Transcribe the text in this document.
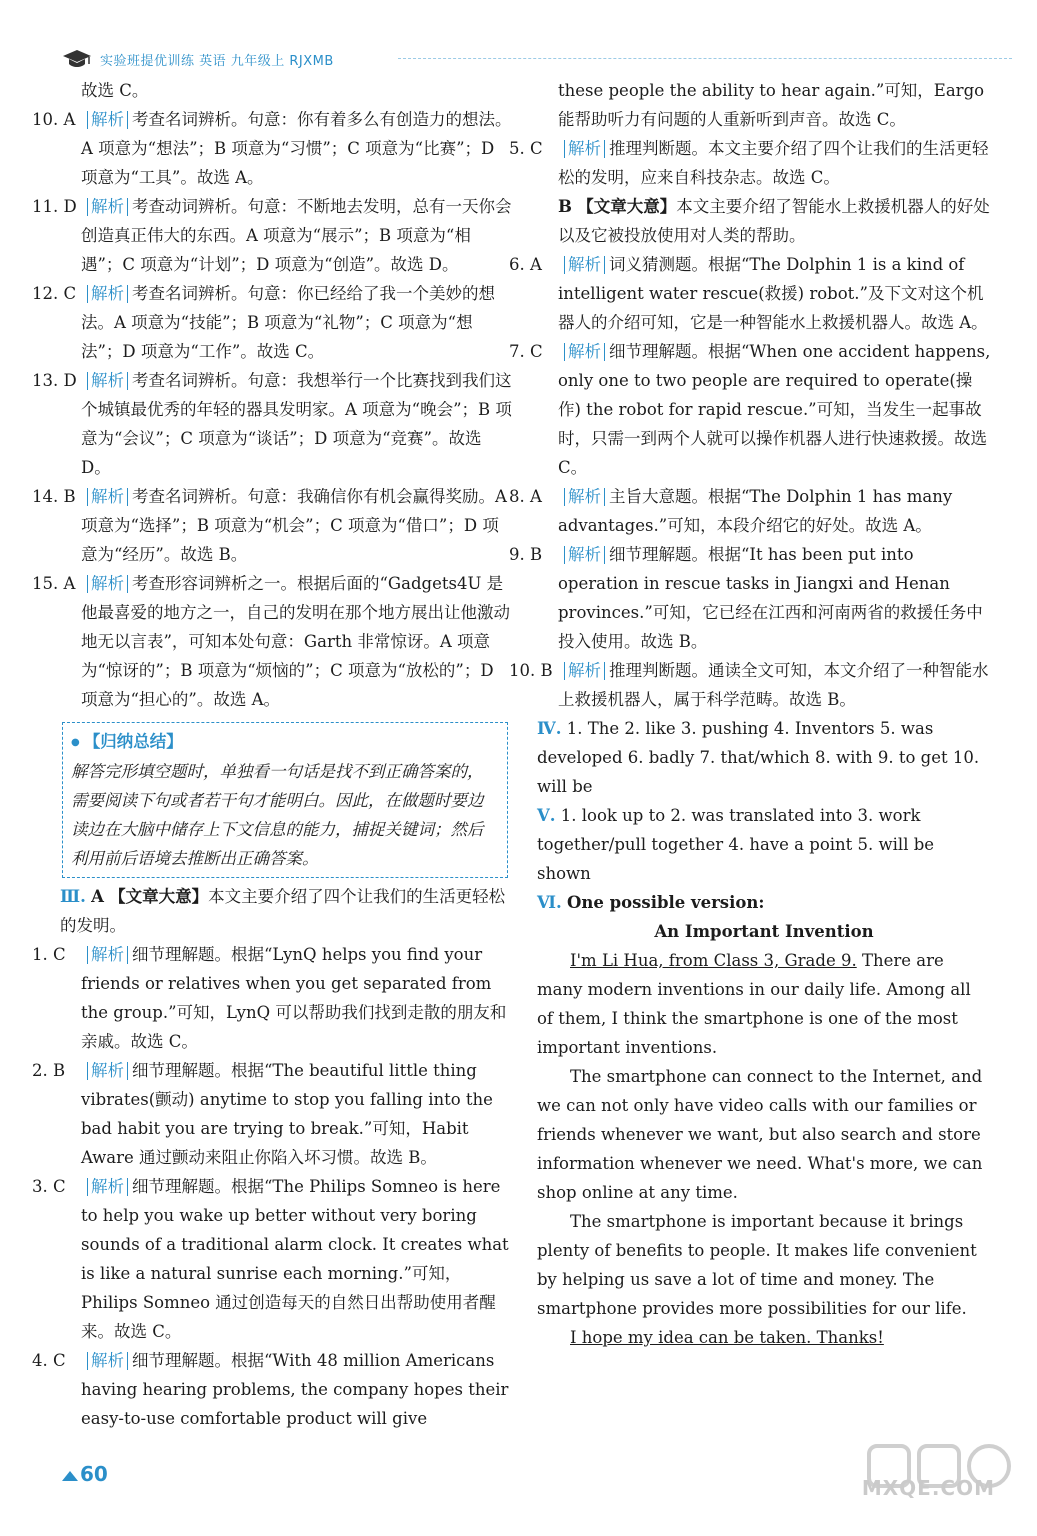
实验班提优训练 英语 九年级上 RJXMB
故选 C。
10. A 解析 考查名词辨析。句意：你有着多么有创造力的想法。A 项意为“想法”；B 项意为“习惯”；C 项意为“比赛”；D 项意为“工具”。故选 A。
11. D 解析 考查动词辨析。句意：不断地去发明，总有一天你会创造真正伟大的东西。A 项意为“展示”；B 项意为“相遇”；C 项意为“计划”；D 项意为“创造”。故选 D。
12. C 解析 考查名词辨析。句意：你已经给了我一个美妙的想法。A 项意为“技能”；B 项意为“礼物”；C 项意为“想法”；D 项意为“工作”。故选 C。
13. D 解析 考查名词辨析。句意：我想举行一个比赛找到我们这个城镇最优秀的年轻的器具发明家。A 项意为“晚会”；B 项意为“会议”；C 项意为“谈话”；D 项意为“竞赛”。故选 D。
14. B 解析 考查名词辨析。句意：我确信你有机会赢得奖励。A 项意为“选择”；B 项意为“机会”；C 项意为“借口”；D 项意为“经历”。故选 B。
15. A 解析 考查形容词辨析之一。根据后面的“Gadgets4U 是他最喜爱的地方之一，自己的发明在那个地方展出让他激动地无以言表”，可知本处句意：Garth 非常惊讶。A 项意为“惊讶的”；B 项意为“烦恼的”；C 项意为“放松的”；D 项意为“担心的”。故选 A。
● 【归纳总结】
解答完形填空题时，单独看一句话是找不到正确答案的，需要阅读下句或者若干句才能明白。因此，在做题时要边读边在大脑中储存上下文信息的能力，捕捉关键词；然后利用前后语境去推断出正确答案。
Ⅲ. A 【文章大意】本文主要介绍了四个让我们的生活更轻松的发明。
1. C	解析 细节理解题。根据“LynQ helps you find your friends or relatives when you get separated from the group.”可知，LynQ 可以帮助我们找到走散的朋友和亲戚。故选 C。
2. B	解析 细节理解题。根据“The beautiful little thing vibrates(颤动) anytime to stop you falling into the bad habit you are trying to break.”可知，Habit Aware 通过颤动来阻止你陷入坏习惯。故选 B。
3. C	解析 细节理解题。根据“The Philips Somneo is here to help you wake up better without very boring sounds of a traditional alarm clock. It creates what is like a natural sunrise each morning.”可知，Philips Somneo 通过创造每天的自然日出帮助使用者醒来。故选 C。
4. C	解析 细节理解题。根据“With 48 million Americans having hearing problems, the company hopes their easy-to-use comfortable product will give
these people the ability to hear again.”可知，Eargo 能帮助听力有问题的人重新听到声音。故选 C。
5. C	解析 推理判断题。本文主要介绍了四个让我们的生活更轻松的发明，应来自科技杂志。故选 C。
B 【文章大意】本文主要介绍了智能水上救援机器人的好处以及它被投放使用对人类的帮助。
6. A	解析 词义猜测题。根据“The Dolphin 1 is a kind of intelligent water rescue(救援) robot.”及下文对这个机器人的介绍可知，它是一种智能水上救援机器人。故选 A。
7. C	解析 细节理解题。根据“When one accident happens, only one to two people are required to operate(操作) the robot for rapid rescue.”可知，当发生一起事故时，只需一到两个人就可以操作机器人进行快速救援。故选 C。
8. A	解析 主旨大意题。根据“The Dolphin 1 has many advantages.”可知，本段介绍它的好处。故选 A。
9. B	解析 细节理解题。根据“It has been put into operation in rescue tasks in Jiangxi and Henan provinces.”可知，它已经在江西和河南两省的救援任务中投入使用。故选 B。
10. B 解析 推理判断题。通读全文可知，本文介绍了一种智能水上救援机器人，属于科学范畴。故选 B。
Ⅳ. 1. The 2. like 3. pushing 4. Inventors 5. was developed 6. badly 7. that/which 8. with 9. to get 10. will be
Ⅴ. 1. look up to 2. was translated into 3. work together/pull together 4. have a point 5. will be shown
Ⅵ. One possible version:
An Important Invention
I'm Li Hua, from Class 3, Grade 9. There are many modern inventions in our daily life. Among all of them, I think the smartphone is one of the most important inventions.
The smartphone can connect to the Internet, and we can not only have video calls with our families or friends whenever we want, but also search and store information whenever we need. What's more, we can shop online at any time.
The smartphone is important because it brings plenty of benefits to people. It makes life convenient by helping us save a lot of time and money. The smartphone provides more possibilities for our life.
I hope my idea can be taken. Thanks!
60
MXQE.COM
